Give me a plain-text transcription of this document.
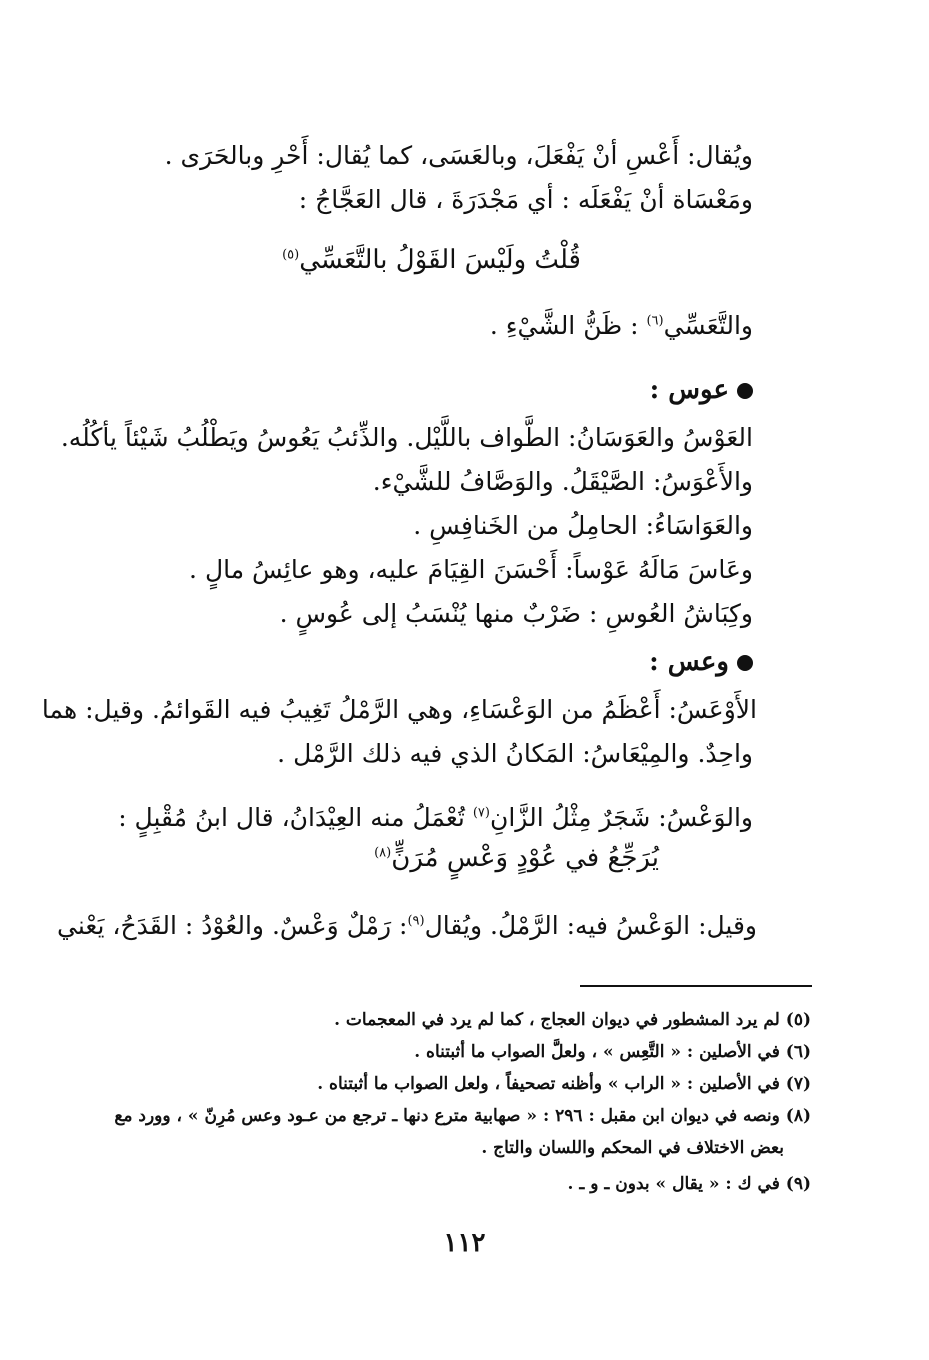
ويُقال: أَعْسِ أنْ يَفْعَلَ، وبالعَسَى، كما يُقال: أَحْرِ وبالحَرَى .

ومَعْسَاة أنْ يَفْعَلَه : أي مَجْدَرَةَ ، قال العَجَّاجُ :

قُلْتُ ولَيْسَ القَوْلُ بالتَّعَسِّي$^{(٥)}$

والتَّعَسِّي$^{(٦)}$ : ظَنُّ الشَّيْءِ .

عوس :

العَوْسُ والعَوَسَانُ: الطَّواف باللَّيْل. والذِّئبُ يَعُوسُ ويَطْلُبُ شَيْئاً يأكُلُه.

والأَعْوَسُ: الصَّيْقَلُ. والوَصَّافُ للشَّيْء.

والعَوَاسَاءُ: الحامِلُ من الخَنافِسِ .

وعَاسَ مَالَهُ عَوْساً: أَحْسَنَ القِيَامَ عليه، وهو عائِسُ مالٍ .

وكِبَاشُ العُوسِ : ضَرْبٌ منها يُنْسَبُ إلى عُوسٍ .

وعس :

الأَوْعَسُ: أَعْظَمُ من الوَعْسَاءِ، وهي الرَّمْلُ تَغِيبُ فيه القَوائمُ. وقيل: هما

واحِدٌ. والمِيْعَاسُ: المَكانُ الذي فيه ذلك الرَّمْل .

والوَعْسُ: شَجَرٌ مِثْلُ الزَّانِ$^{(٧)}$ تُعْمَلُ منه العِيْدَانُ، قال ابنُ مُقْبِلٍ :

يُرَجِّعُ في عُوْدٍ وَعْسٍ مُرَنٍّ$^{(٨)}$

وقيل: الوَعْسُ فيه: الرَّمْلُ. ويُقال$^{(٩)}$: رَمْلٌ وَعْسٌ. والعُوْدُ : القَدَحُ، يَعْني

(٥) لم يرد المشطور في ديوان العجاج ، كما لم يرد في المعجمات .

(٦) في الأصلين : « التَّعِس » ، ولعلَّ الصواب ما أثبتناه .

(٧) في الأصلين : « الراب » وأظنه تصحيفاً ، ولعل الصواب ما أثبتناه .

(٨) ونصه في ديوان ابن مقبل : ٢٩٦ : « صهابية مترع دنها ـ ترجع من عـود وعس مُرِنّ » ، وورد مع

بعض الاختلاف في المحكم واللسان والتاج .

(٩) في ك : « يقال » بدون ـ و ـ .

١١٢
